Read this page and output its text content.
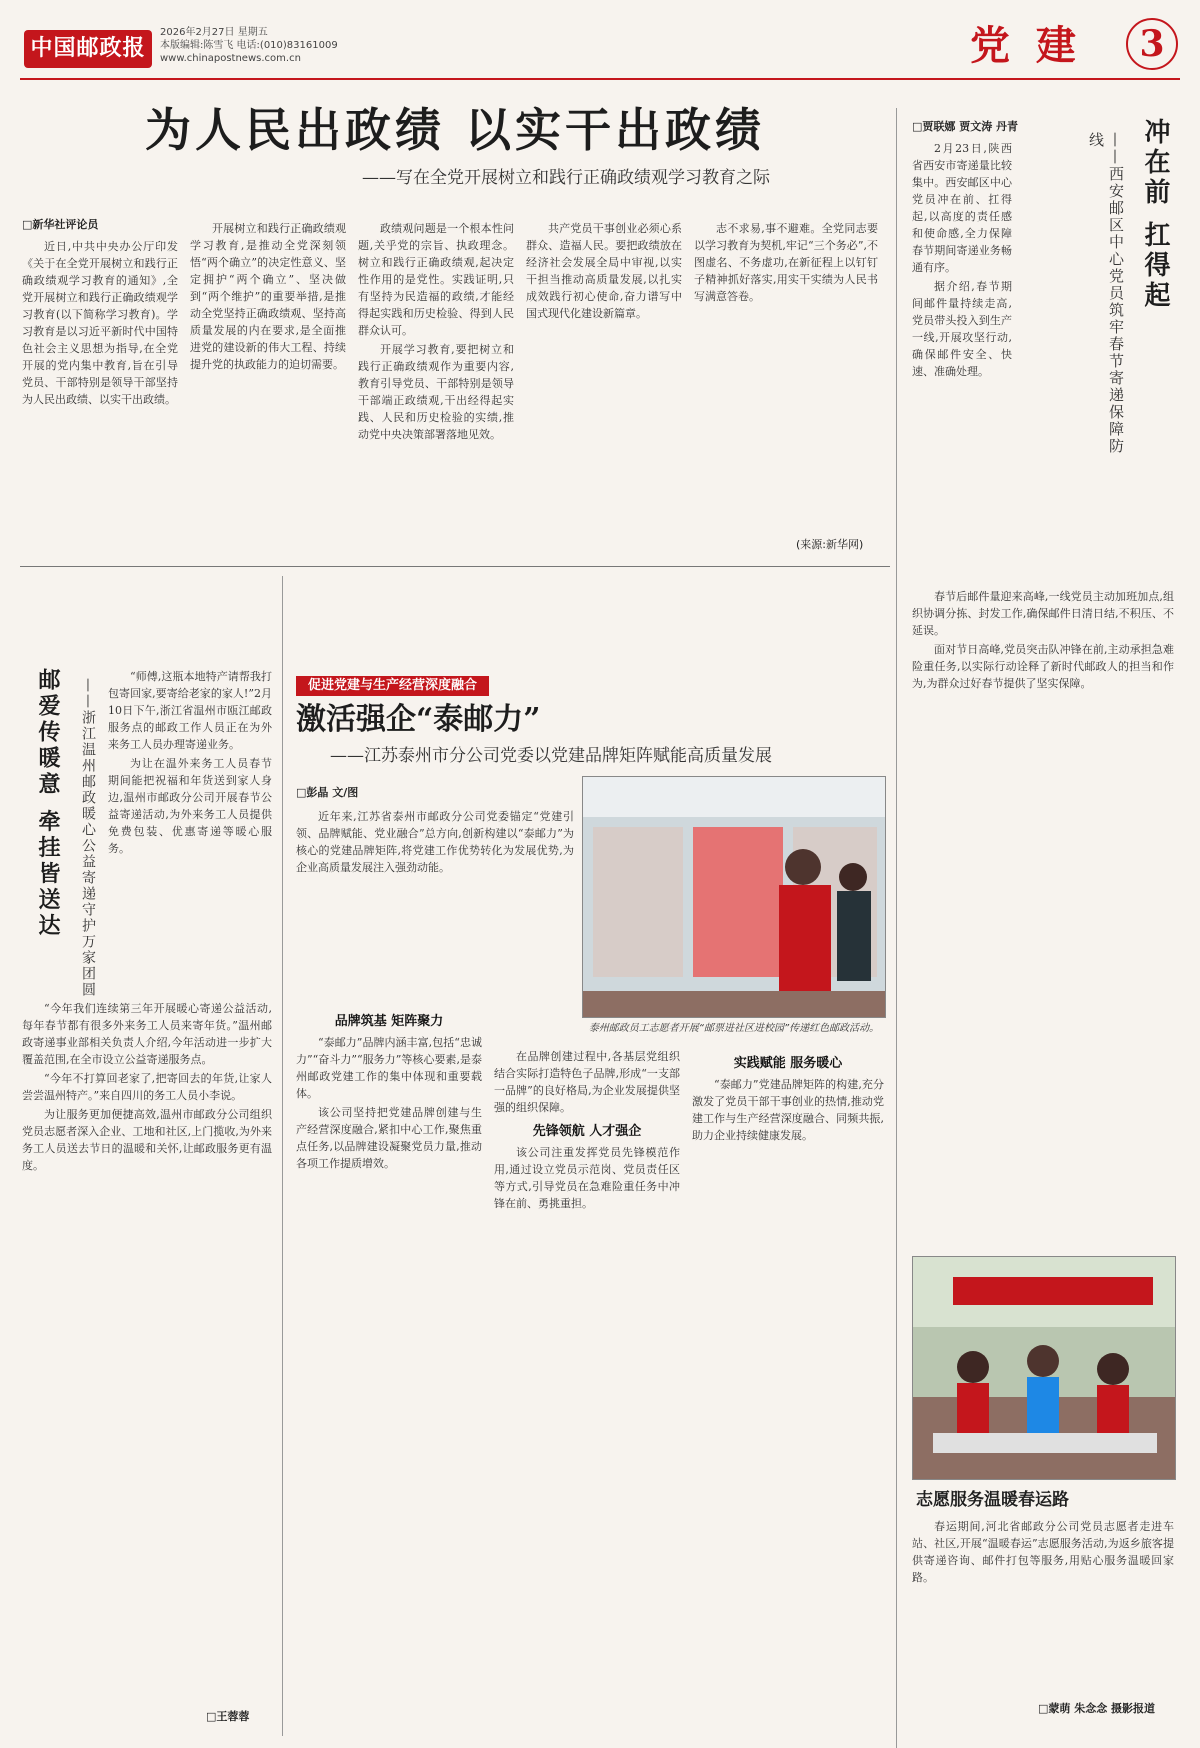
中国邮政报
2026年2月27日 星期五
本版编辑:陈雪飞 电话:(010)83161009
www.chinapostnews.com.cn	党 建	3
为人民出政绩 以实干出政绩
——写在全党开展树立和践行正确政绩观学习教育之际
□新华社评论员

近日,中共中央办公厅印发《关于在全党开展树立和践行正确政绩观学习教育的通知》,全党开展树立和践行正确政绩观学习教育(以下简称学习教育)。学习教育是以习近平新时代中国特色社会主义思想为指导,在全党开展的党内集中教育,旨在引导党员、干部特别是领导干部坚持为人民出政绩、以实干出政绩。

开展树立和践行正确政绩观学习教育,是推动全党深刻领悟“两个确立”的决定性意义、坚定拥护“两个确立”、坚决做到“两个维护”的重要举措,是推动全党坚持正确政绩观、坚持高质量发展的内在要求,是全面推进党的建设新的伟大工程、持续提升党的执政能力的迫切需要。

政绩观问题是一个根本性问题,关乎党的宗旨、执政理念。树立和践行正确政绩观,起决定性作用的是党性。实践证明,只有坚持为民造福的政绩,才能经得起实践和历史检验、得到人民群众认可。

开展学习教育,要把树立和践行正确政绩观作为重要内容,教育引导党员、干部特别是领导干部端正政绩观,干出经得起实践、人民和历史检验的实绩,推动党中央决策部署落地见效。

共产党员干事创业必须心系群众、造福人民。要把政绩放在经济社会发展全局中审视,以实干担当推动高质量发展,以扎实成效践行初心使命,奋力谱写中国式现代化建设新篇章。

志不求易,事不避难。全党同志要以学习教育为契机,牢记“三个务必”,不图虚名、不务虚功,在新征程上以钉钉子精神抓好落实,用实干实绩为人民书写满意答卷。

(来源:新华网)
□贾联娜 贾文涛 丹青	冲在前 扛得起
——西安邮区中心党员筑牢春节寄递保障防线

2月23日,陕西省西安市寄递量比较集中。西安邮区中心党员冲在前、扛得起,以高度的责任感和使命感,全力保障春节期间寄递业务畅通有序。

据介绍,春节期间邮件量持续走高,党员带头投入到生产一线,开展攻坚行动,确保邮件安全、快速、准确处理。

春节后邮件量迎来高峰,一线党员主动加班加点,组织协调分拣、封发工作,确保邮件日清日结,不积压、不延误。

面对节日高峰,党员突击队冲锋在前,主动承担急难险重任务,以实际行动诠释了新时代邮政人的担当和作为,为群众过好春节提供了坚实保障。

志愿服务温暖春运路

春运期间,河北省邮政分公司党员志愿者走进车站、社区,开展“温暖春运”志愿服务活动,为返乡旅客提供寄递咨询、邮件打包等服务,用贴心服务温暖回家路。

□蒙萌 朱念念 摄影报道
邮爱传暖意 牵挂皆送达 ——浙江温州邮政暖心公益寄递守护万家团圆

“师傅,这瓶本地特产请帮我打包寄回家,要寄给老家的家人!”2月10日下午,浙江省温州市瓯江邮政服务点的邮政工作人员正在为外来务工人员办理寄递业务。

为让在温外来务工人员春节期间能把祝福和年货送到家人身边,温州市邮政分公司开展春节公益寄递活动,为外来务工人员提供免费包装、优惠寄递等暖心服务。

“今年我们连续第三年开展暖心寄递公益活动,每年春节都有很多外来务工人员来寄年货。”温州邮政寄递事业部相关负责人介绍,今年活动进一步扩大覆盖范围,在全市设立公益寄递服务点。

“今年不打算回老家了,把寄回去的年货,让家人尝尝温州特产。”来自四川的务工人员小李说。

为让服务更加便捷高效,温州市邮政分公司组织党员志愿者深入企业、工地和社区,上门揽收,为外来务工人员送去节日的温暖和关怀,让邮政服务更有温度。

□王蓉蓉
促进党建与生产经营深度融合
激活强企“泰邮力”
——江苏泰州市分公司党委以党建品牌矩阵赋能高质量发展
□彭晶 文/图
泰州邮政员工志愿者开展“邮票进社区进校园”传递红色邮政活动。

近年来,江苏省泰州市邮政分公司党委锚定“党建引领、品牌赋能、党业融合”总方向,创新构建以“泰邮力”为核心的党建品牌矩阵,将党建工作优势转化为发展优势,为企业高质量发展注入强劲动能。

品牌筑基 矩阵聚力

“泰邮力”品牌内涵丰富,包括“忠诚力”“奋斗力”“服务力”等核心要素,是泰州邮政党建工作的集中体现和重要载体。

该公司坚持把党建品牌创建与生产经营深度融合,紧扣中心工作,聚焦重点任务,以品牌建设凝聚党员力量,推动各项工作提质增效。

在品牌创建过程中,各基层党组织结合实际打造特色子品牌,形成“一支部一品牌”的良好格局,为企业发展提供坚强的组织保障。

先锋领航 人才强企

该公司注重发挥党员先锋模范作用,通过设立党员示范岗、党员责任区等方式,引导党员在急难险重任务中冲锋在前、勇挑重担。

实践赋能 服务暖心

“泰邮力”党建品牌矩阵的构建,充分激发了党员干部干事创业的热情,推动党建工作与生产经营深度融合、同频共振,助力企业持续健康发展。
